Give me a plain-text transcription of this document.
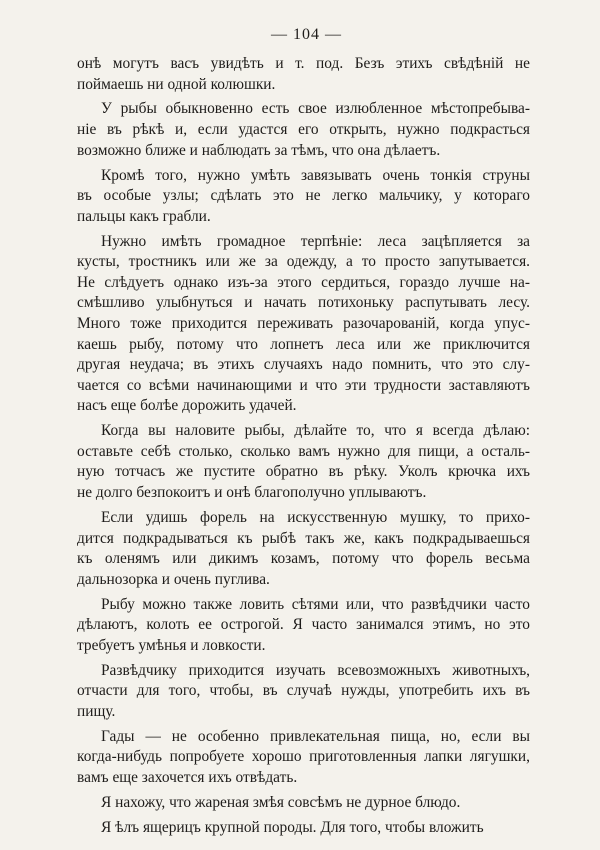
— 104 —
онѣ могутъ васъ увидѣть и т. под. Безъ этихъ свѣдѣнiй не
поймаешь ни одной колюшки.
У рыбы обыкновенно есть свое излюбленное мѣстопребыва-
нiе въ рѣкѣ и, если удастся его открыть, нужно подкрасться
возможно ближе и наблюдать за тѣмъ, что она дѣлаетъ.
Кромѣ того, нужно умѣть завязывать очень тонкiя струны
въ особые узлы; сдѣлать это не легко мальчику, у котораго
пальцы какъ грабли.
Нужно имѣть громадное терпѣнiе: леса зацѣпляется за
кусты, тростникъ или же за одежду, а то просто запутывается.
Не слѣдуетъ однако изъ-за этого сердиться, гораздо лучше на-
смѣшливо улыбнуться и начать потихоньку распутывать лесу.
Много тоже приходится переживать разочарованiй, когда упус-
каешь рыбу, потому что лопнетъ леса или же приключится
другая неудача; въ этихъ случаяхъ надо помнить, что это слу-
чается со всѣми начинающими и что эти трудности заставляютъ
насъ еще болѣе дорожить удачей.
Когда вы наловите рыбы, дѣлайте то, что я всегда дѣлаю:
оставьте себѣ столько, сколько вамъ нужно для пищи, а осталь-
ную тотчасъ же пустите обратно въ рѣку. Уколъ крючка ихъ
не долго безпокоитъ и онѣ благополучно уплываютъ.
Если удишь форель на искусственную мушку, то прихо-
дится подкрадываться къ рыбѣ такъ же, какъ подкрадываешься
къ оленямъ или дикимъ козамъ, потому что форель весьма
дальнозорка и очень пуглива.
Рыбу можно также ловить сѣтями или, что развѣдчики часто
дѣлаютъ, колоть ее острогой. Я часто занимался этимъ, но это
требуетъ умѣнья и ловкости.
Развѣдчику приходится изучать всевозможныхъ животныхъ,
отчасти для того, чтобы, въ случаѣ нужды, употребить ихъ въ
пищу.
Гады — не особенно привлекательная пища, но, если вы
когда-нибудь попробуете хорошо приготовленныя лапки лягушки,
вамъ еще захочется ихъ отвѣдать.
Я нахожу, что жареная змѣя совсѣмъ не дурное блюдо.
Я ѣлъ ящерицъ крупной породы. Для того, чтобы вложить
